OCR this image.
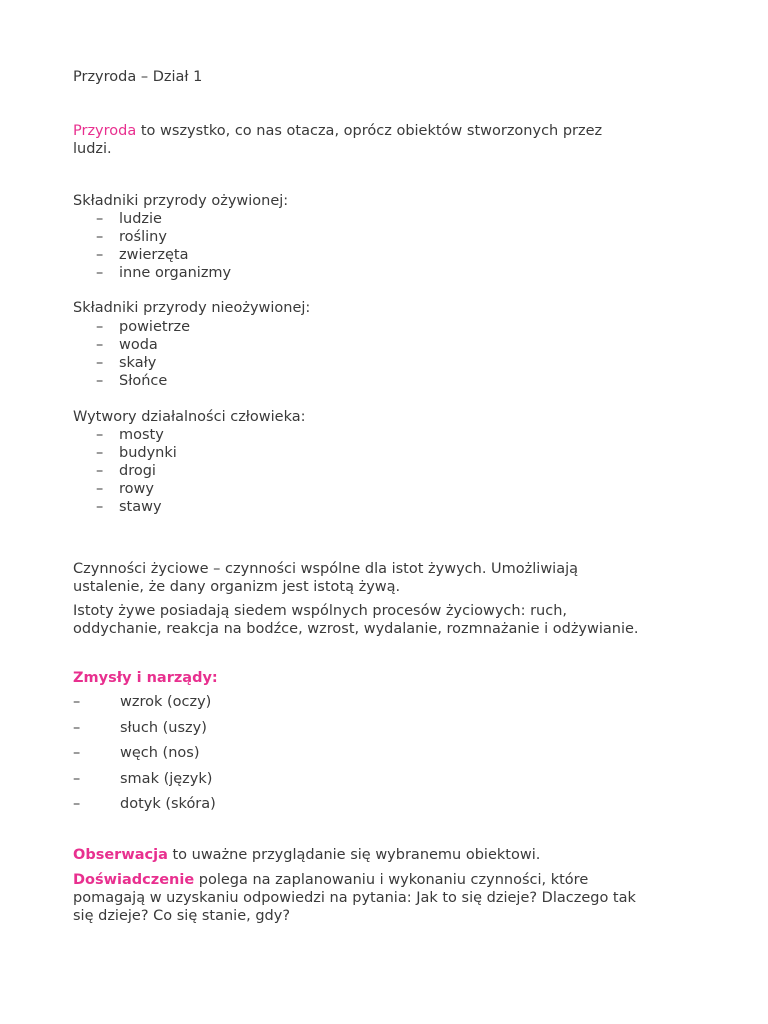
Przyroda – Dział 1

Przyroda to wszystko, co nas otacza, oprócz obiektów stworzonych przez

ludzi.

Składniki przyrody ożywionej:

– ludzie
– rośliny
– zwierzęta
– inne organizmy

Składniki przyrody nieożywionej:

– powietrze
– woda
– skały
– Słońce

Wytwory działalności człowieka:

– mosty
– budynki
– drogi
– rowy
– stawy

Czynności życiowe – czynności wspólne dla istot żywych. Umożliwiają

ustalenie, że dany organizm jest istotą żywą.

Istoty żywe posiadają siedem wspólnych procesów życiowych: ruch,

oddychanie, reakcja na bodźce, wzrost, wydalanie, rozmnażanie i odżywianie.

Zmysły i narządy:

–	wzrok (oczy)
–	słuch (uszy)
–	węch (nos)
–	smak (język)
–	dotyk (skóra)

Obserwacja to uważne przyglądanie się wybranemu obiektowi.

Doświadczenie polega na zaplanowaniu i wykonaniu czynności, które

pomagają w uzyskaniu odpowiedzi na pytania: Jak to się dzieje? Dlaczego tak

się dzieje? Co się stanie, gdy?
